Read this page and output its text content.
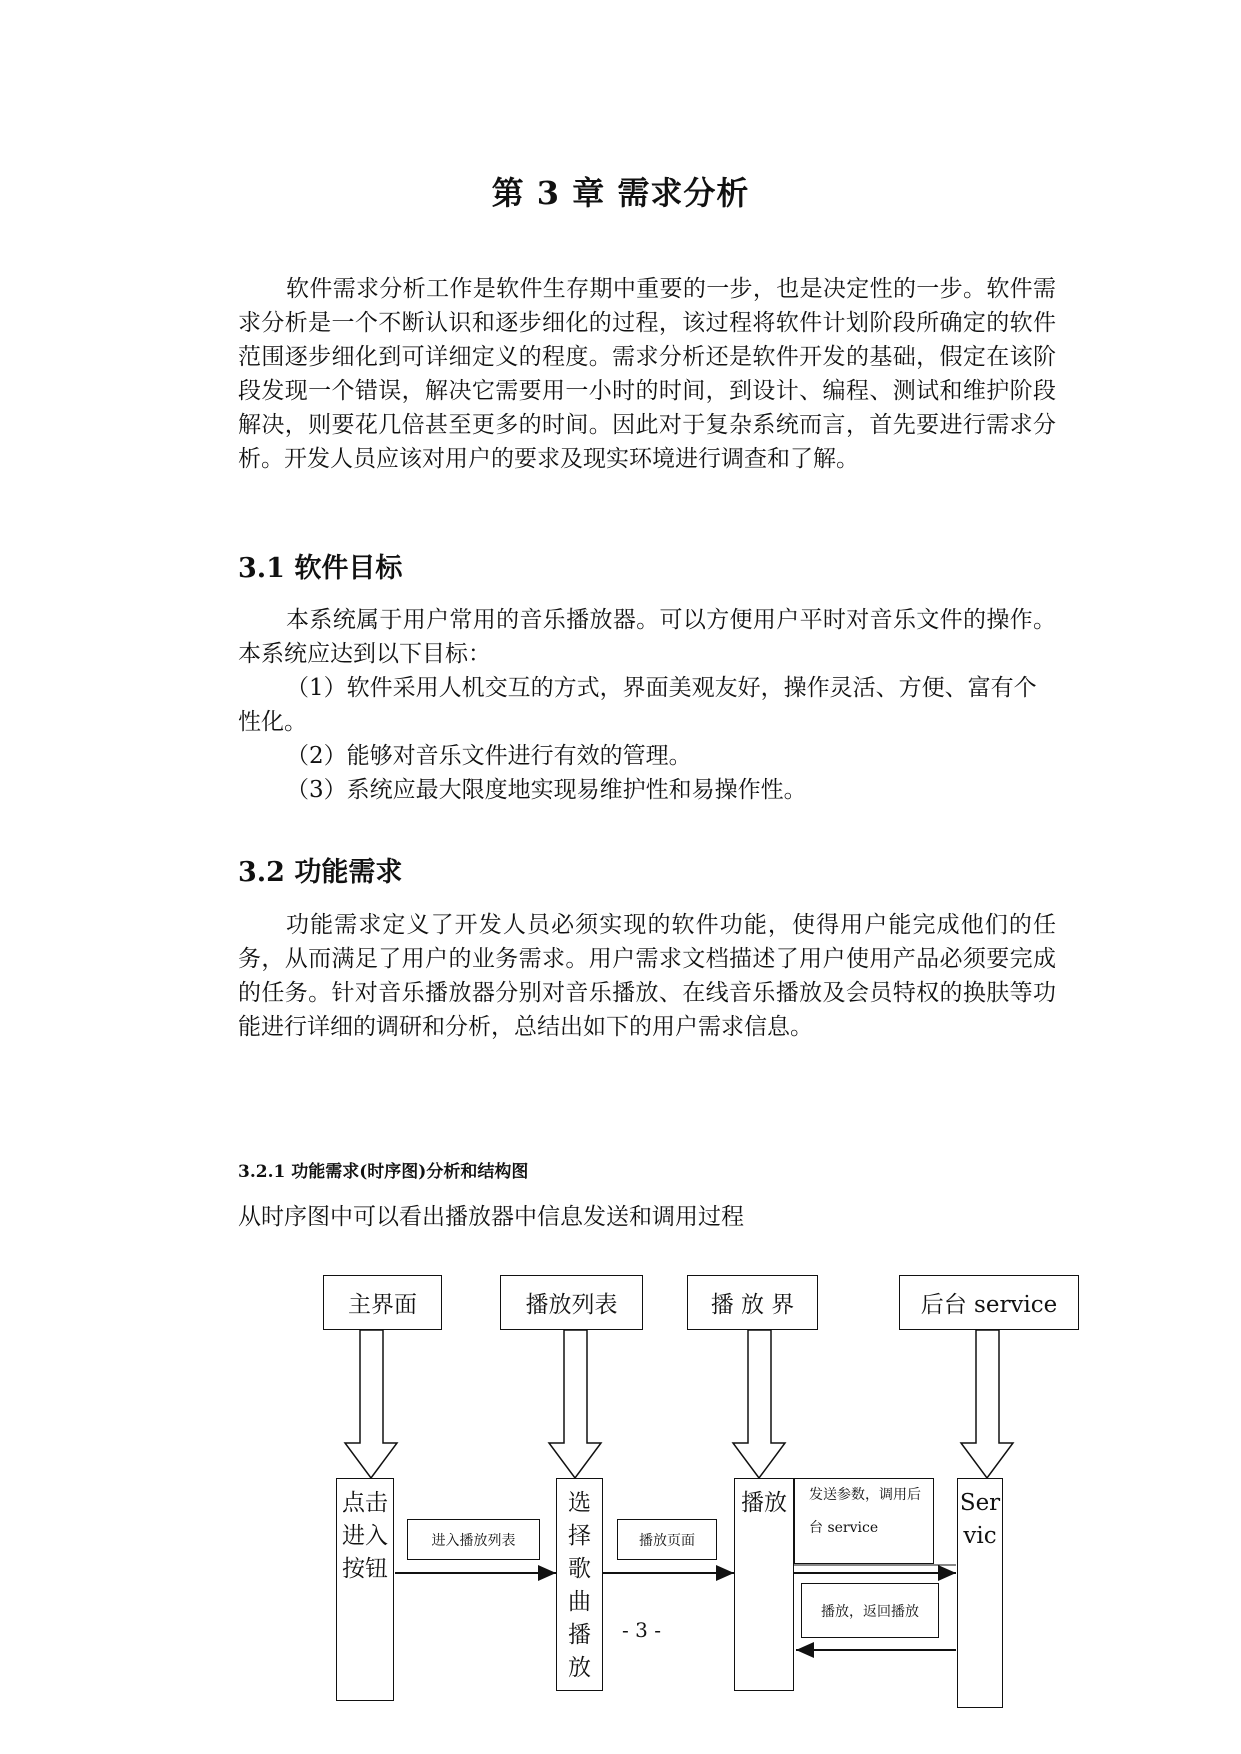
第 3 章 需求分析
软件需求分析工作是软件生存期中重要的一步，也是决定性的一步。软件需求分析是一个不断认识和逐步细化的过程，该过程将软件计划阶段所确定的软件范围逐步细化到可详细定义的程度。需求分析还是软件开发的基础，假定在该阶段发现一个错误，解决它需要用一小时的时间，到设计、编程、测试和维护阶段解决，则要花几倍甚至更多的时间。因此对于复杂系统而言，首先要进行需求分析。开发人员应该对用户的要求及现实环境进行调查和了解。
3.1 软件目标
本系统属于用户常用的音乐播放器。可以方便用户平时对音乐文件的操作。本系统应达到以下目标：
（1）软件采用人机交互的方式，界面美观友好，操作灵活、方便、富有个性化。
（2）能够对音乐文件进行有效的管理。
（3）系统应最大限度地实现易维护性和易操作性。
3.2 功能需求
功能需求定义了开发人员必须实现的软件功能，使得用户能完成他们的任务，从而满足了用户的业务需求。用户需求文档描述了用户使用产品必须要完成的任务。针对音乐播放器分别对音乐播放、在线音乐播放及会员特权的换肤等功能进行详细的调研和分析，总结出如下的用户需求信息。
3.2.1 功能需求(时序图)分析和结构图
从时序图中可以看出播放器中信息发送和调用过程
主界面	播放列表	播 放 界	后台 service
点击进入按钮
选择歌曲播放
播放	Servic
进入播放列表	播放页面
发送参数，调用后台 service
播放，返回播放
- 3 -
